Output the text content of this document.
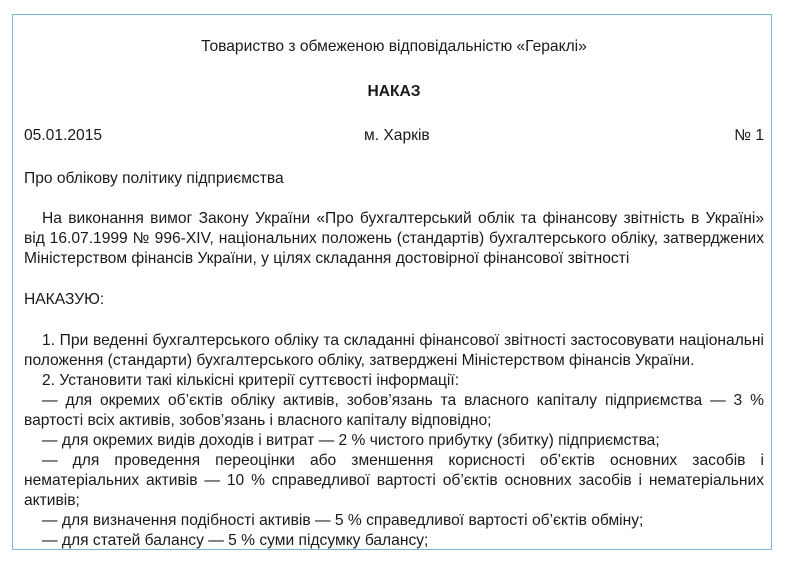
Товариство з обмеженою відповідальністю «Гераклі»
НАКАЗ
05.01.2015	м. Харків	№ 1
Про облікову політику підприємства
На виконання вимог Закону України «Про бухгалтерський облік та фінансову звітність в Україні» від 16.07.1999 № 996-XIV, національних положень (стандартів) бухгалтерського обліку, затверджених Міністерством фінансів України, у цілях складання достовірної фінансової звітності
НАКАЗУЮ:
1. При веденні бухгалтерського обліку та складанні фінансової звітності застосовувати національні положення (стандарти) бухгалтерського обліку, затверджені Міністерством фінансів України.
2. Установити такі кількісні критерії суттєвості інформації:
— для окремих об’єктів обліку активів, зобов’язань та власного капіталу підприємства — 3 % вартості всіх активів, зобов’язань і власного капіталу відповідно;
— для окремих видів доходів і витрат — 2 % чистого прибутку (збитку) підприємства;
— для проведення переоцінки або зменшення корисності об’єктів основних засобів і нематеріальних активів — 10 % справедливої вартості об’єктів основних засобів і нематеріальних активів;
— для визначення подібності активів — 5 % справедливої вартості об’єктів обміну;
— для статей балансу — 5 % суми підсумку балансу;
